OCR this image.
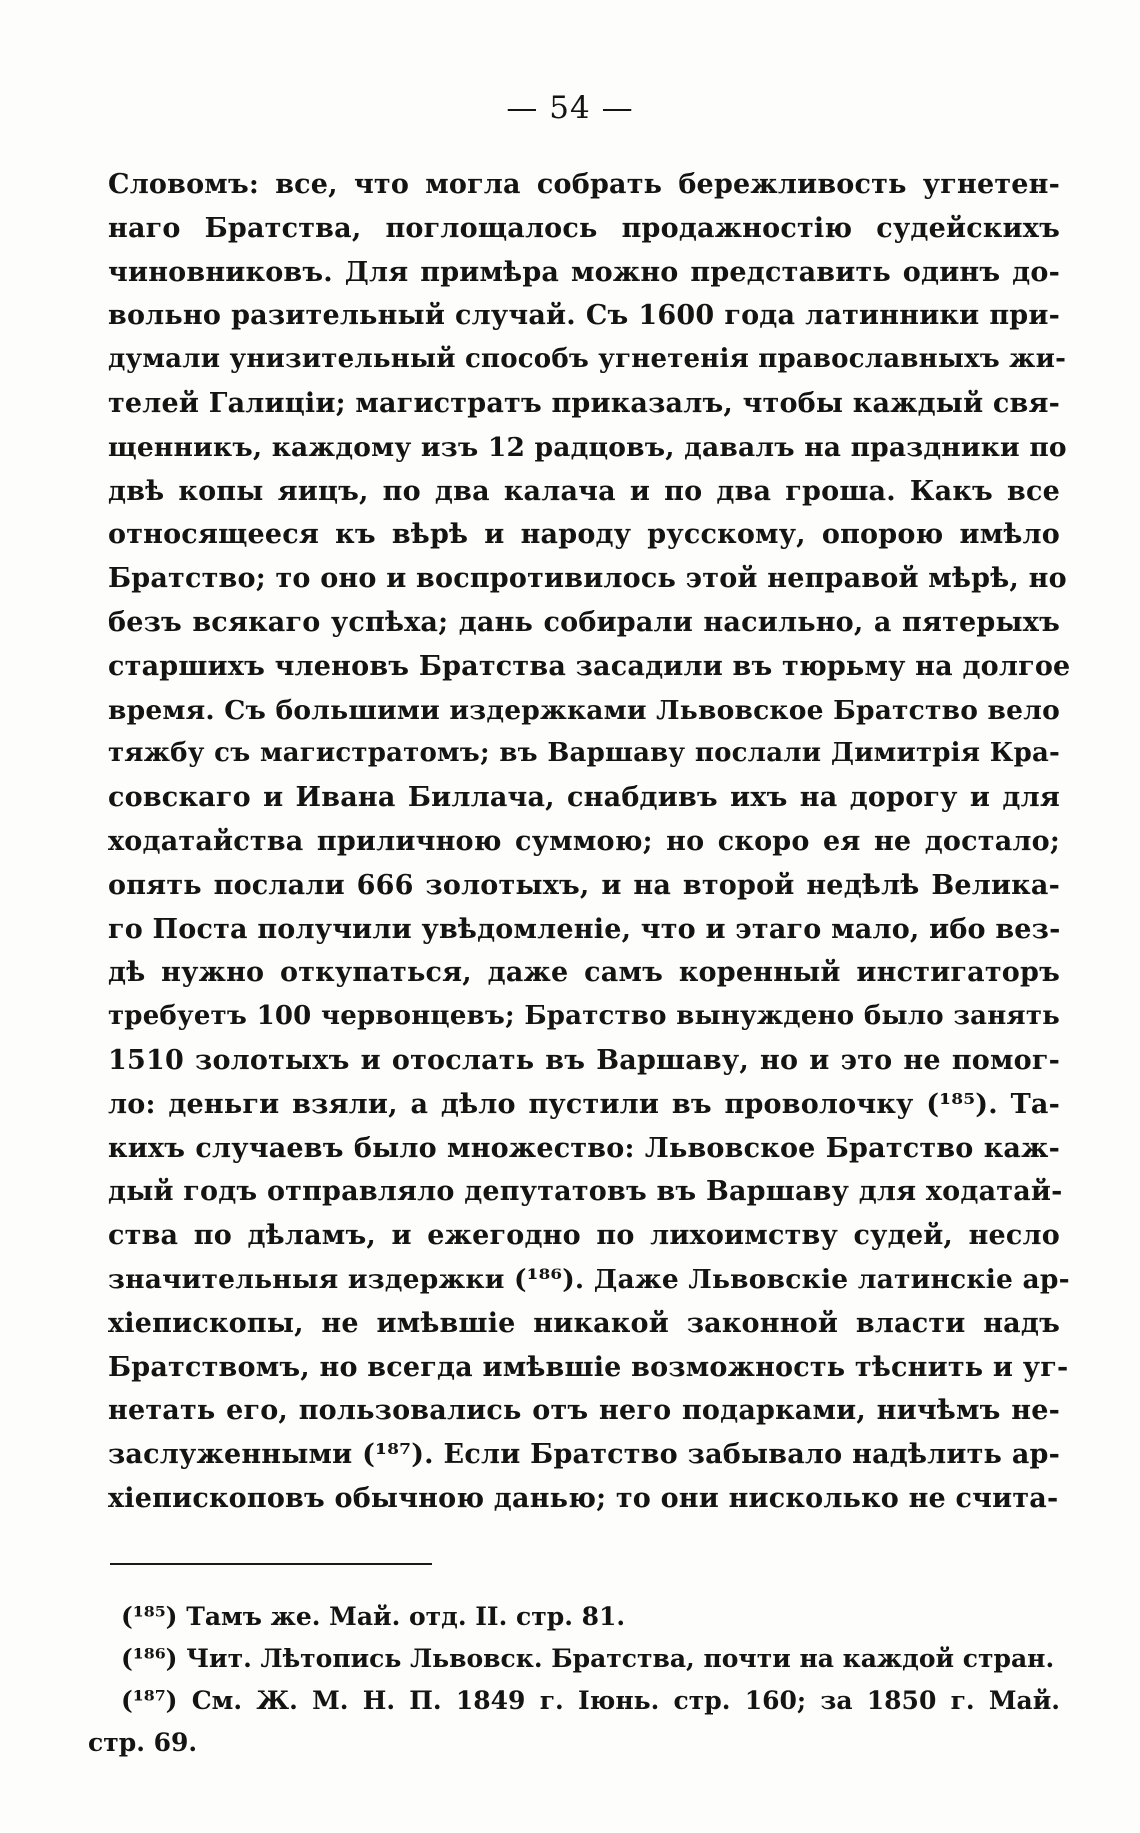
— 54 —
Словомъ: все, что могла собрать бережливость угнетен-
наго Братства, поглощалось продажностію судейскихъ
чиновниковъ. Для примѣра можно представить одинъ до-
вольно разительный случай. Съ 1600 года латинники при-
думали унизительный способъ угнетенія православныхъ жи-
телей Галиціи; магистратъ приказалъ, чтобы каждый свя-
щенникъ, каждому изъ 12 радцовъ, давалъ на праздники по
двѣ копы яицъ, по два калача и по два гроша. Какъ все
относящееся къ вѣрѣ и народу русскому, опорою имѣло
Братство; то оно и воспротивилось этой неправой мѣрѣ, но
безъ всякаго успѣха; дань собирали насильно, а пятерыхъ
старшихъ членовъ Братства засадили въ тюрьму на долгое
время. Съ большими издержками Львовское Братство вело
тяжбу съ магистратомъ; въ Варшаву послали Димитрія Кра-
совскаго и Ивана Биллача, снабдивъ ихъ на дорогу и для
ходатайства приличною суммою; но скоро ея не достало;
опять послали 666 золотыхъ, и на второй недѣлѣ Велика-
го Поста получили увѣдомленіе, что и этаго мало, ибо вез-
дѣ нужно откупаться, даже самъ коренный инстигаторъ
требуетъ 100 червонцевъ; Братство вынуждено было занять
1510 золотыхъ и отослать въ Варшаву, но и это не помог-
ло: деньги взяли, а дѣло пустили въ проволочку (¹⁸⁵). Та-
кихъ случаевъ было множество: Львовское Братство каж-
дый годъ отправляло депутатовъ въ Варшаву для ходатай-
ства по дѣламъ, и ежегодно по лихоимству судей, несло
значительныя издержки (¹⁸⁶). Даже Львовскіе латинскіе ар-
хіепископы, не имѣвшіе никакой законной власти надъ
Братствомъ, но всегда имѣвшіе возможность тѣснить и уг-
нетать его, пользовались отъ него подарками, ничѣмъ не-
заслуженными (¹⁸⁷). Если Братство забывало надѣлить ар-
хіепископовъ обычною данью; то они нисколько не счита-
(¹⁸⁵) Тамъ же. Май. отд. II. стр. 81.
(¹⁸⁶) Чит. Лѣтопись Львовск. Братства, почти на каждой стран.
(¹⁸⁷) См. Ж. М. Н. П. 1849 г. Іюнь. стр. 160; за 1850 г. Май.
стр. 69.
